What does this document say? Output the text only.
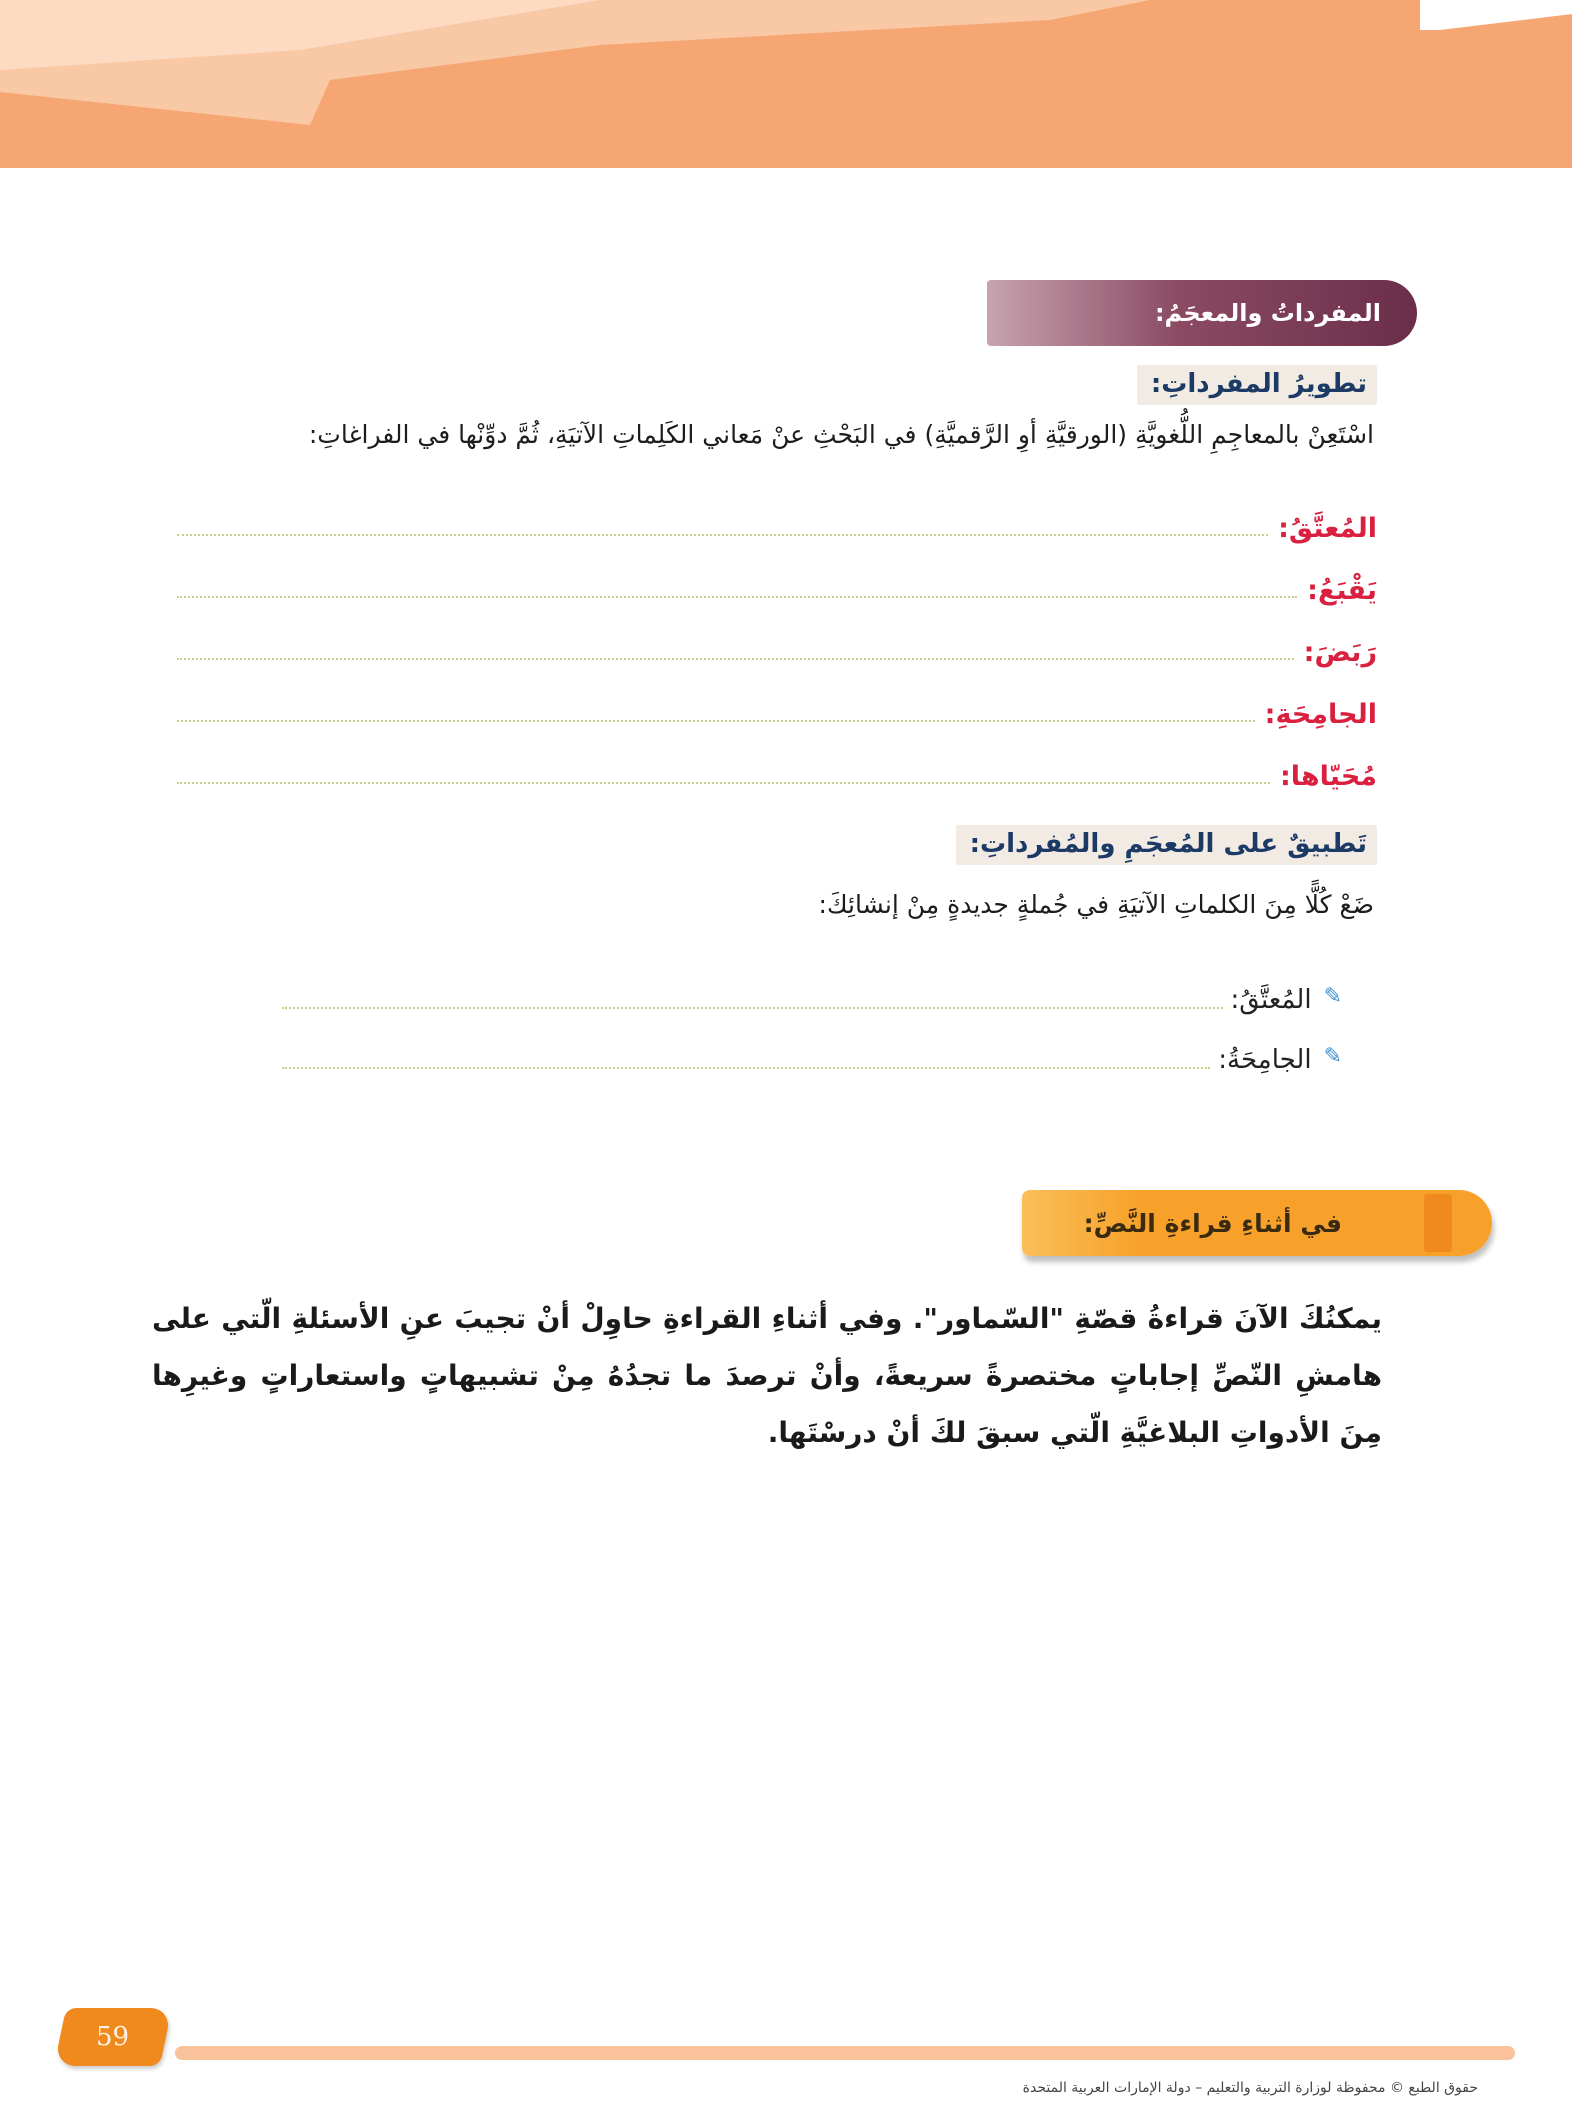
المفرداتُ والمعجَمُ:
تطويرُ المفرداتِ:
اسْتَعِنْ بالمعاجِمِ اللُّغويَّةِ (الورقيَّةِ أوِ الرَّقميَّةِ) في البَحْثِ عنْ مَعاني الكَلِماتِ الآتيَةِ، ثُمَّ دوِّنْها في الفراغاتِ:
المُعتَّقُ:
يَقْبَعُ:
رَبَضَ:
الجامِحَةِ:
مُحَيّاها:
تَطبيقٌ على المُعجَمِ والمُفرداتِ:
ضَعْ كُلًّا مِنَ الكلماتِ الآتيَةِ في جُملةٍ جديدةٍ مِنْ إنشائِكَ:
✎
المُعتَّقُ:
✎
الجامِحَةُ:
في أثناءِ قراءةِ النَّصِّ:

يمكنُكَ الآنَ قراءةُ قصّةِ "السّماور". وفي أثناءِ القراءةِ حاوِلْ أنْ تجيبَ عنِ الأسئلةِ الّتي على هامشِ النّصِّ إجاباتٍ مختصرةً سريعةً، وأنْ ترصدَ ما تجدُهُ مِنْ تشبيهاتٍ واستعاراتٍ وغيرِها مِنَ الأدواتِ البلاغيَّةِ الّتي سبقَ لكَ أنْ درسْتَها.

59
حقوق الطبع © محفوظة لوزارة التربية والتعليم – دولة الإمارات العربية المتحدة
